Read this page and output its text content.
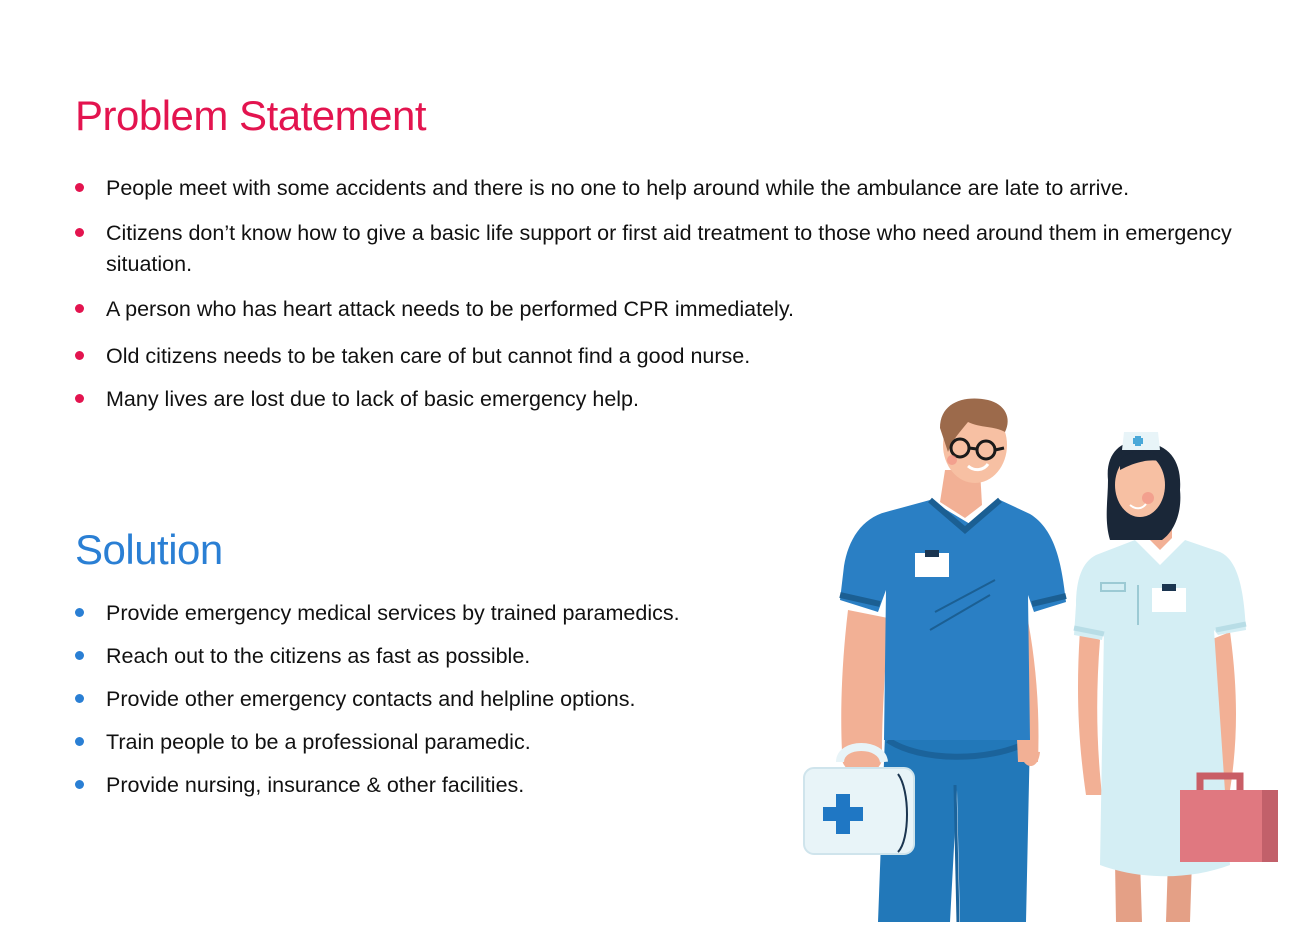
Problem Statement
People meet with some accidents and there is no one to help around while the ambulance are late to arrive.
Citizens don’t know how to give a basic life support or first aid treatment to those who need around them in emergency situation.
A person who has heart attack needs to be performed CPR immediately.
Old citizens needs to be taken care of but cannot find a good nurse.
Many lives are lost due to lack of basic emergency help.
Solution
Provide emergency medical services by trained paramedics.
Reach out to the citizens as fast as possible.
Provide other emergency contacts and helpline options.
Train people to be a professional paramedic.
Provide nursing, insurance & other facilities.
